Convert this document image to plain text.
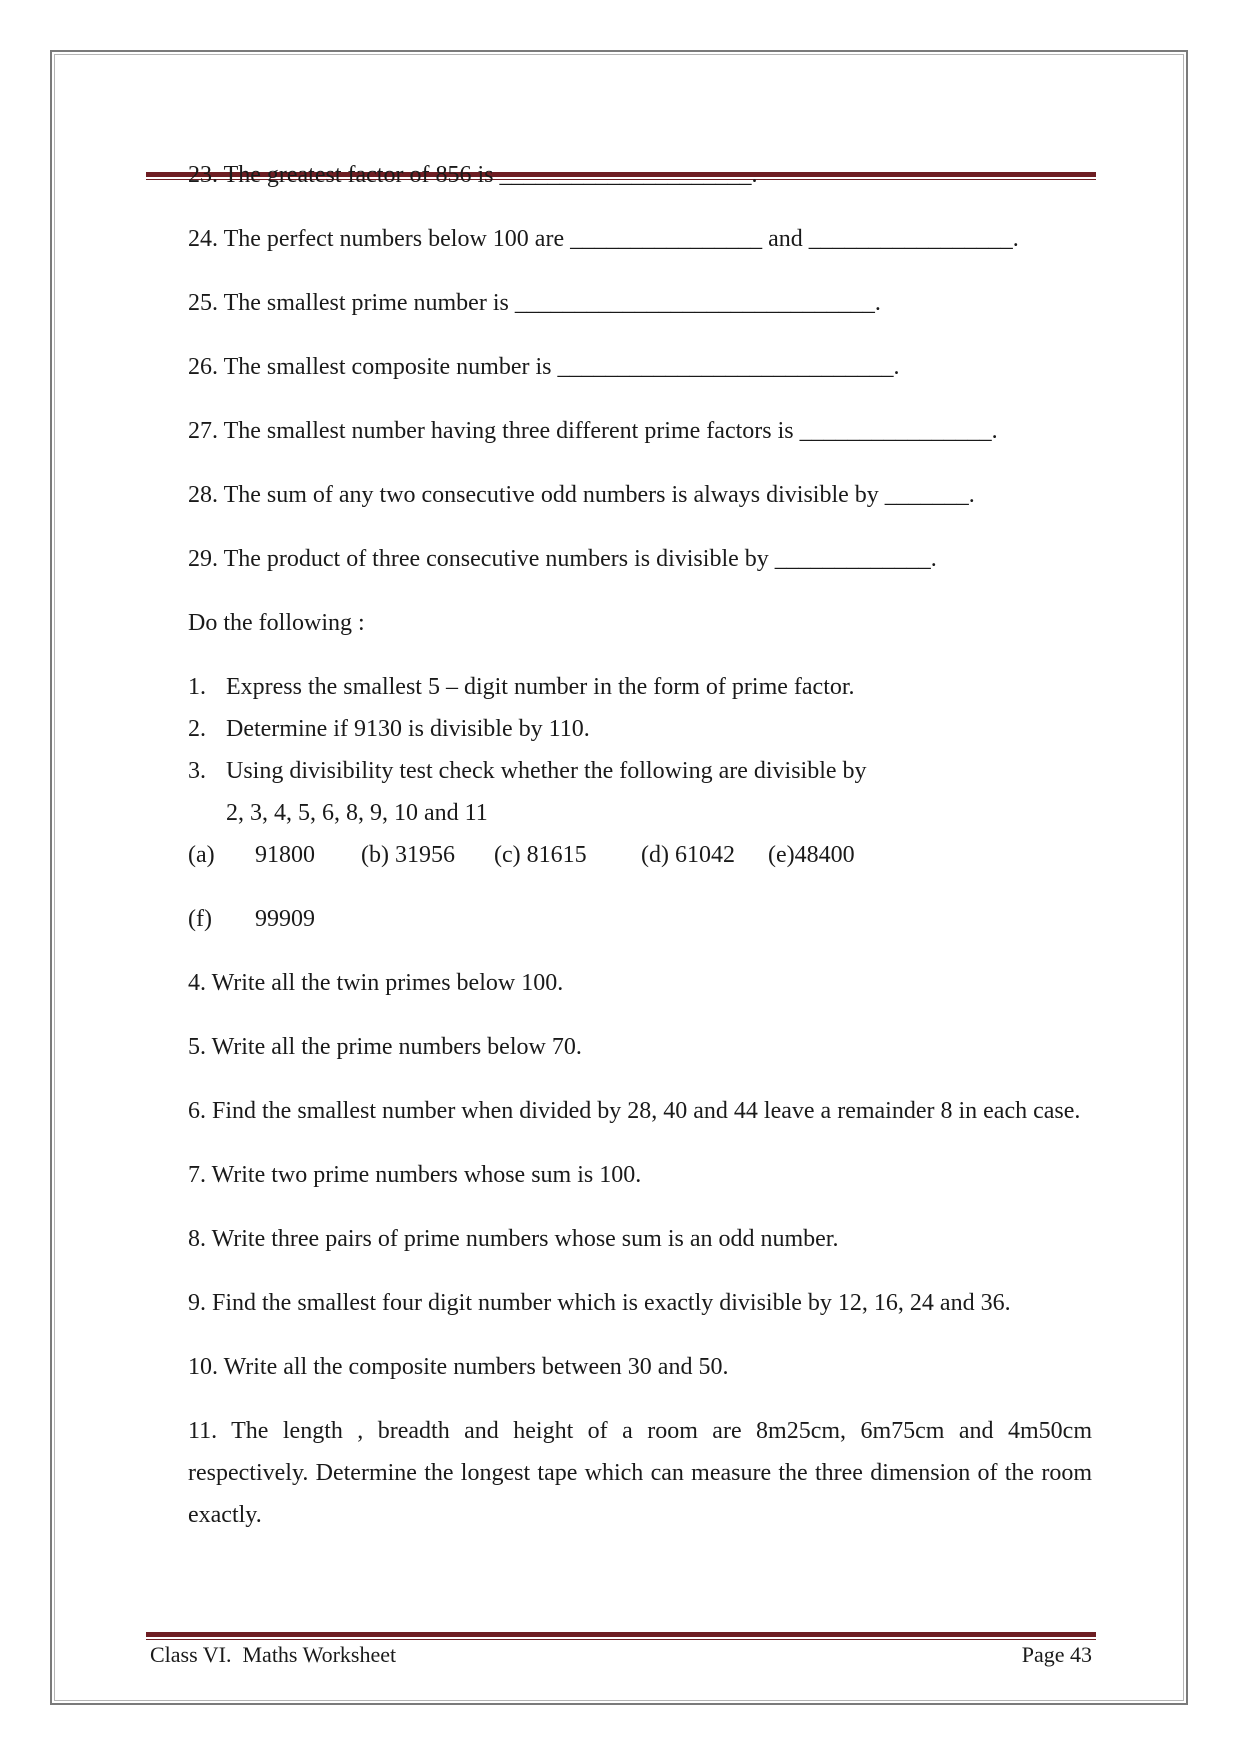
23. The greatest factor of 856 is _____________________.

24. The perfect numbers below 100 are ________________ and _________________.

25. The smallest prime number is ______________________________.

26. The smallest composite number is ____________________________.

27. The smallest number having three different prime factors is ________________.

28. The sum of any two consecutive odd numbers is always divisible by _______.

29. The product of three consecutive numbers is divisible by _____________.

Do the following :

1. Express the smallest 5 – digit number in the form of prime factor.
2. Determine if 9130 is divisible by 110.
3. Using divisibility test check whether the following are divisible by
2, 3, 4, 5, 6, 8, 9, 10 and 11
(a) 91800 (b) 31956 (c) 81615 (d) 61042 (e)48400
(f) 99909

4. Write all the twin primes below 100.

5. Write all the prime numbers below 70.

6. Find the smallest number when divided by 28, 40 and 44 leave a remainder 8 in each case.

7. Write two prime numbers whose sum is 100.

8. Write three pairs of prime numbers whose sum is an odd number.

9. Find the smallest four digit number which is exactly divisible by 12, 16, 24 and 36.

10. Write all the composite numbers between 30 and 50.

11. The length , breadth and height of a room are 8m25cm, 6m75cm and 4m50cm respectively. Determine the longest tape which can measure the three dimension of the room exactly.

Class VI.  Maths Worksheet	Page 43
